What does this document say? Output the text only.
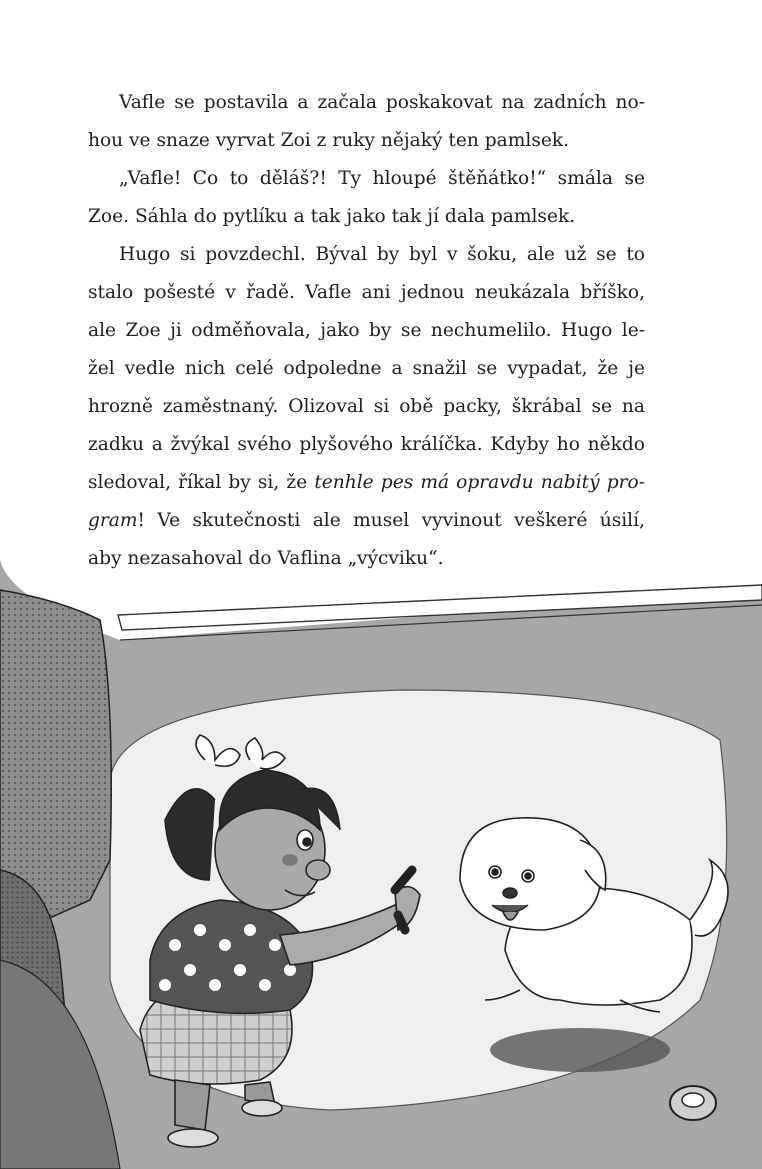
Vafle se postavila a začala poskakovat na zadních no-
hou ve snaze vyrvat Zoi z ruky nějaký ten pamlsek.

„Vafle! Co to děláš?! Ty hloupé štěňátko!“ smála se
Zoe. Sáhla do pytlíku a tak jako tak jí dala pamlsek.

Hugo si povzdechl. Býval by byl v šoku, ale už se to
stalo pošesté v řadě. Vafle ani jednou neukázala bříško,
ale Zoe ji odměňovala, jako by se nechumelilo. Hugo le-
žel vedle nich celé odpoledne a snažil se vypadat, že je
hrozně zaměstnaný. Olizoval si obě packy, škrábal se na
zadku a žvýkal svého plyšového králíčka. Kdyby ho někdo
sledoval, říkal by si, že tenhle pes má opravdu nabitý pro-
gram! Ve skutečnosti ale musel vyvinout veškeré úsilí,
aby nezasahoval do Vaflina „výcviku“.
